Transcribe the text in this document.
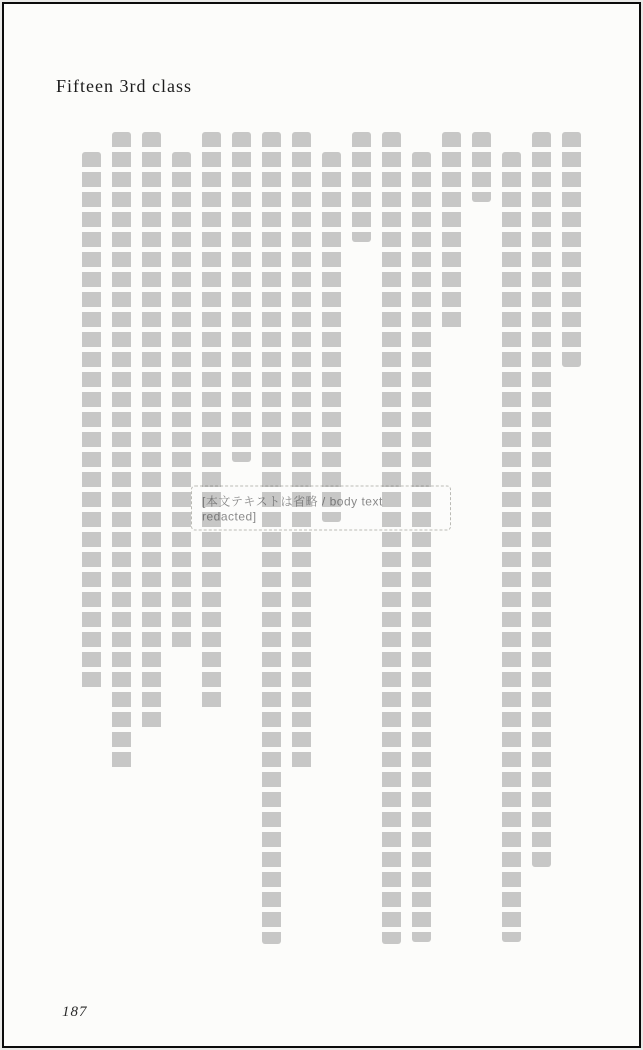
Fifteen 3rd class
[本文テキストは省略 / body text redacted]
187
